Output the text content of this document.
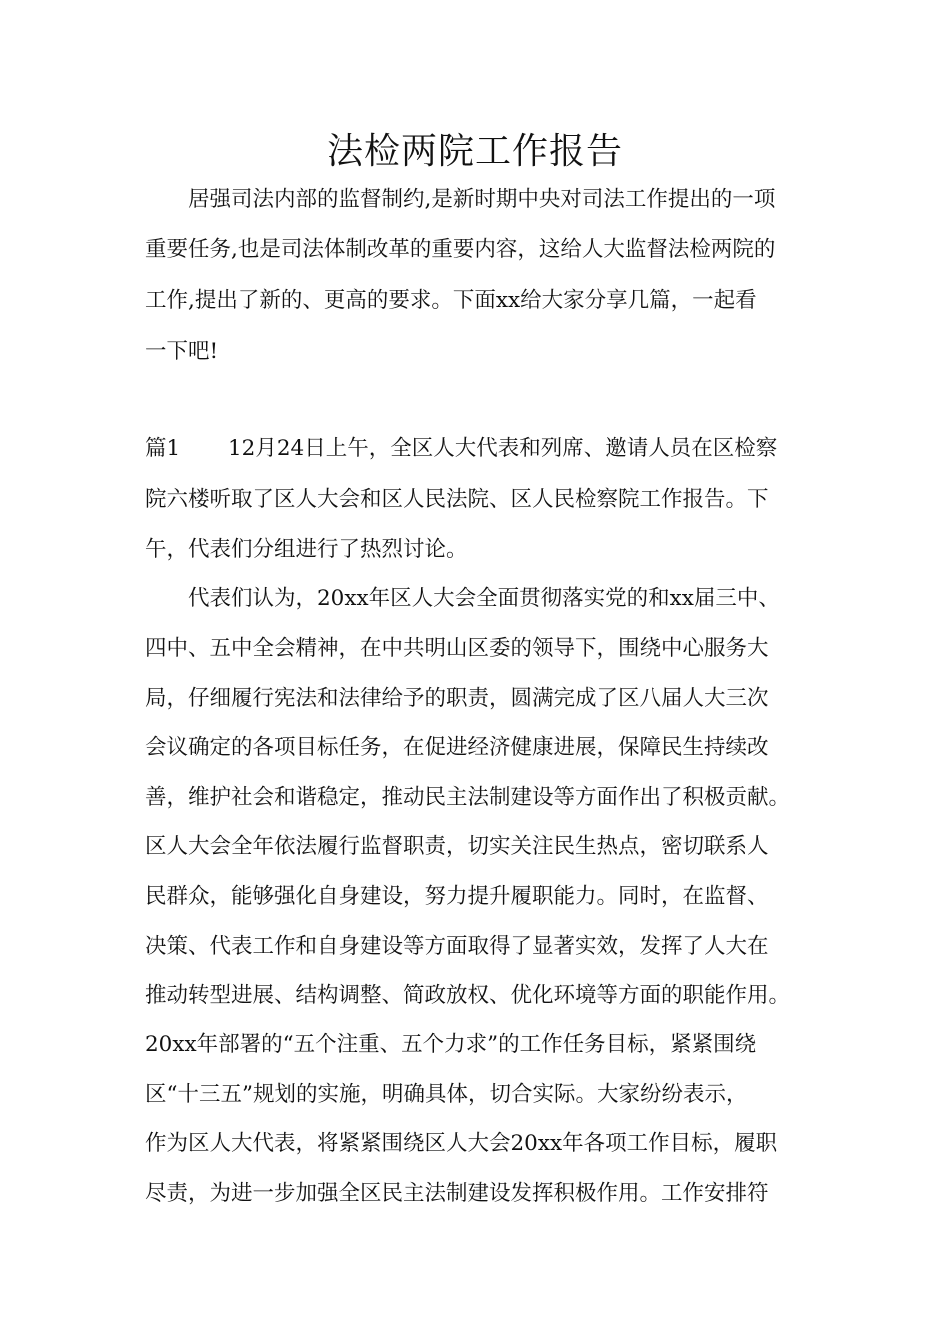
法检两院工作报告
居强司法内部的监督制约,是新时期中央对司法工作提出的一项
重要任务,也是司法体制改革的重要内容，这给人大监督法检两院的
工作,提出了新的、更高的要求。下面xx给大家分享几篇，一起看
一下吧!
篇1 12月24日上午，全区人大代表和列席、邀请人员在区检察
院六楼听取了区人大会和区人民法院、区人民检察院工作报告。下
午，代表们分组进行了热烈讨论。
代表们认为，20xx年区人大会全面贯彻落实党的和xx届三中、
四中、五中全会精神，在中共明山区委的领导下，围绕中心服务大
局，仔细履行宪法和法律给予的职责，圆满完成了区八届人大三次
会议确定的各项目标任务，在促进经济健康进展，保障民生持续改
善，维护社会和谐稳定，推动民主法制建设等方面作出了积极贡献。
区人大会全年依法履行监督职责，切实关注民生热点，密切联系人
民群众，能够强化自身建设，努力提升履职能力。同时，在监督、
决策、代表工作和自身建设等方面取得了显著实效，发挥了人大在
推动转型进展、结构调整、简政放权、优化环境等方面的职能作用。
20xx年部署的“五个注重、五个力求”的工作任务目标，紧紧围绕
区“十三五”规划的实施，明确具体，切合实际。大家纷纷表示，
作为区人大代表，将紧紧围绕区人大会20xx年各项工作目标，履职
尽责，为进一步加强全区民主法制建设发挥积极作用。工作安排符
